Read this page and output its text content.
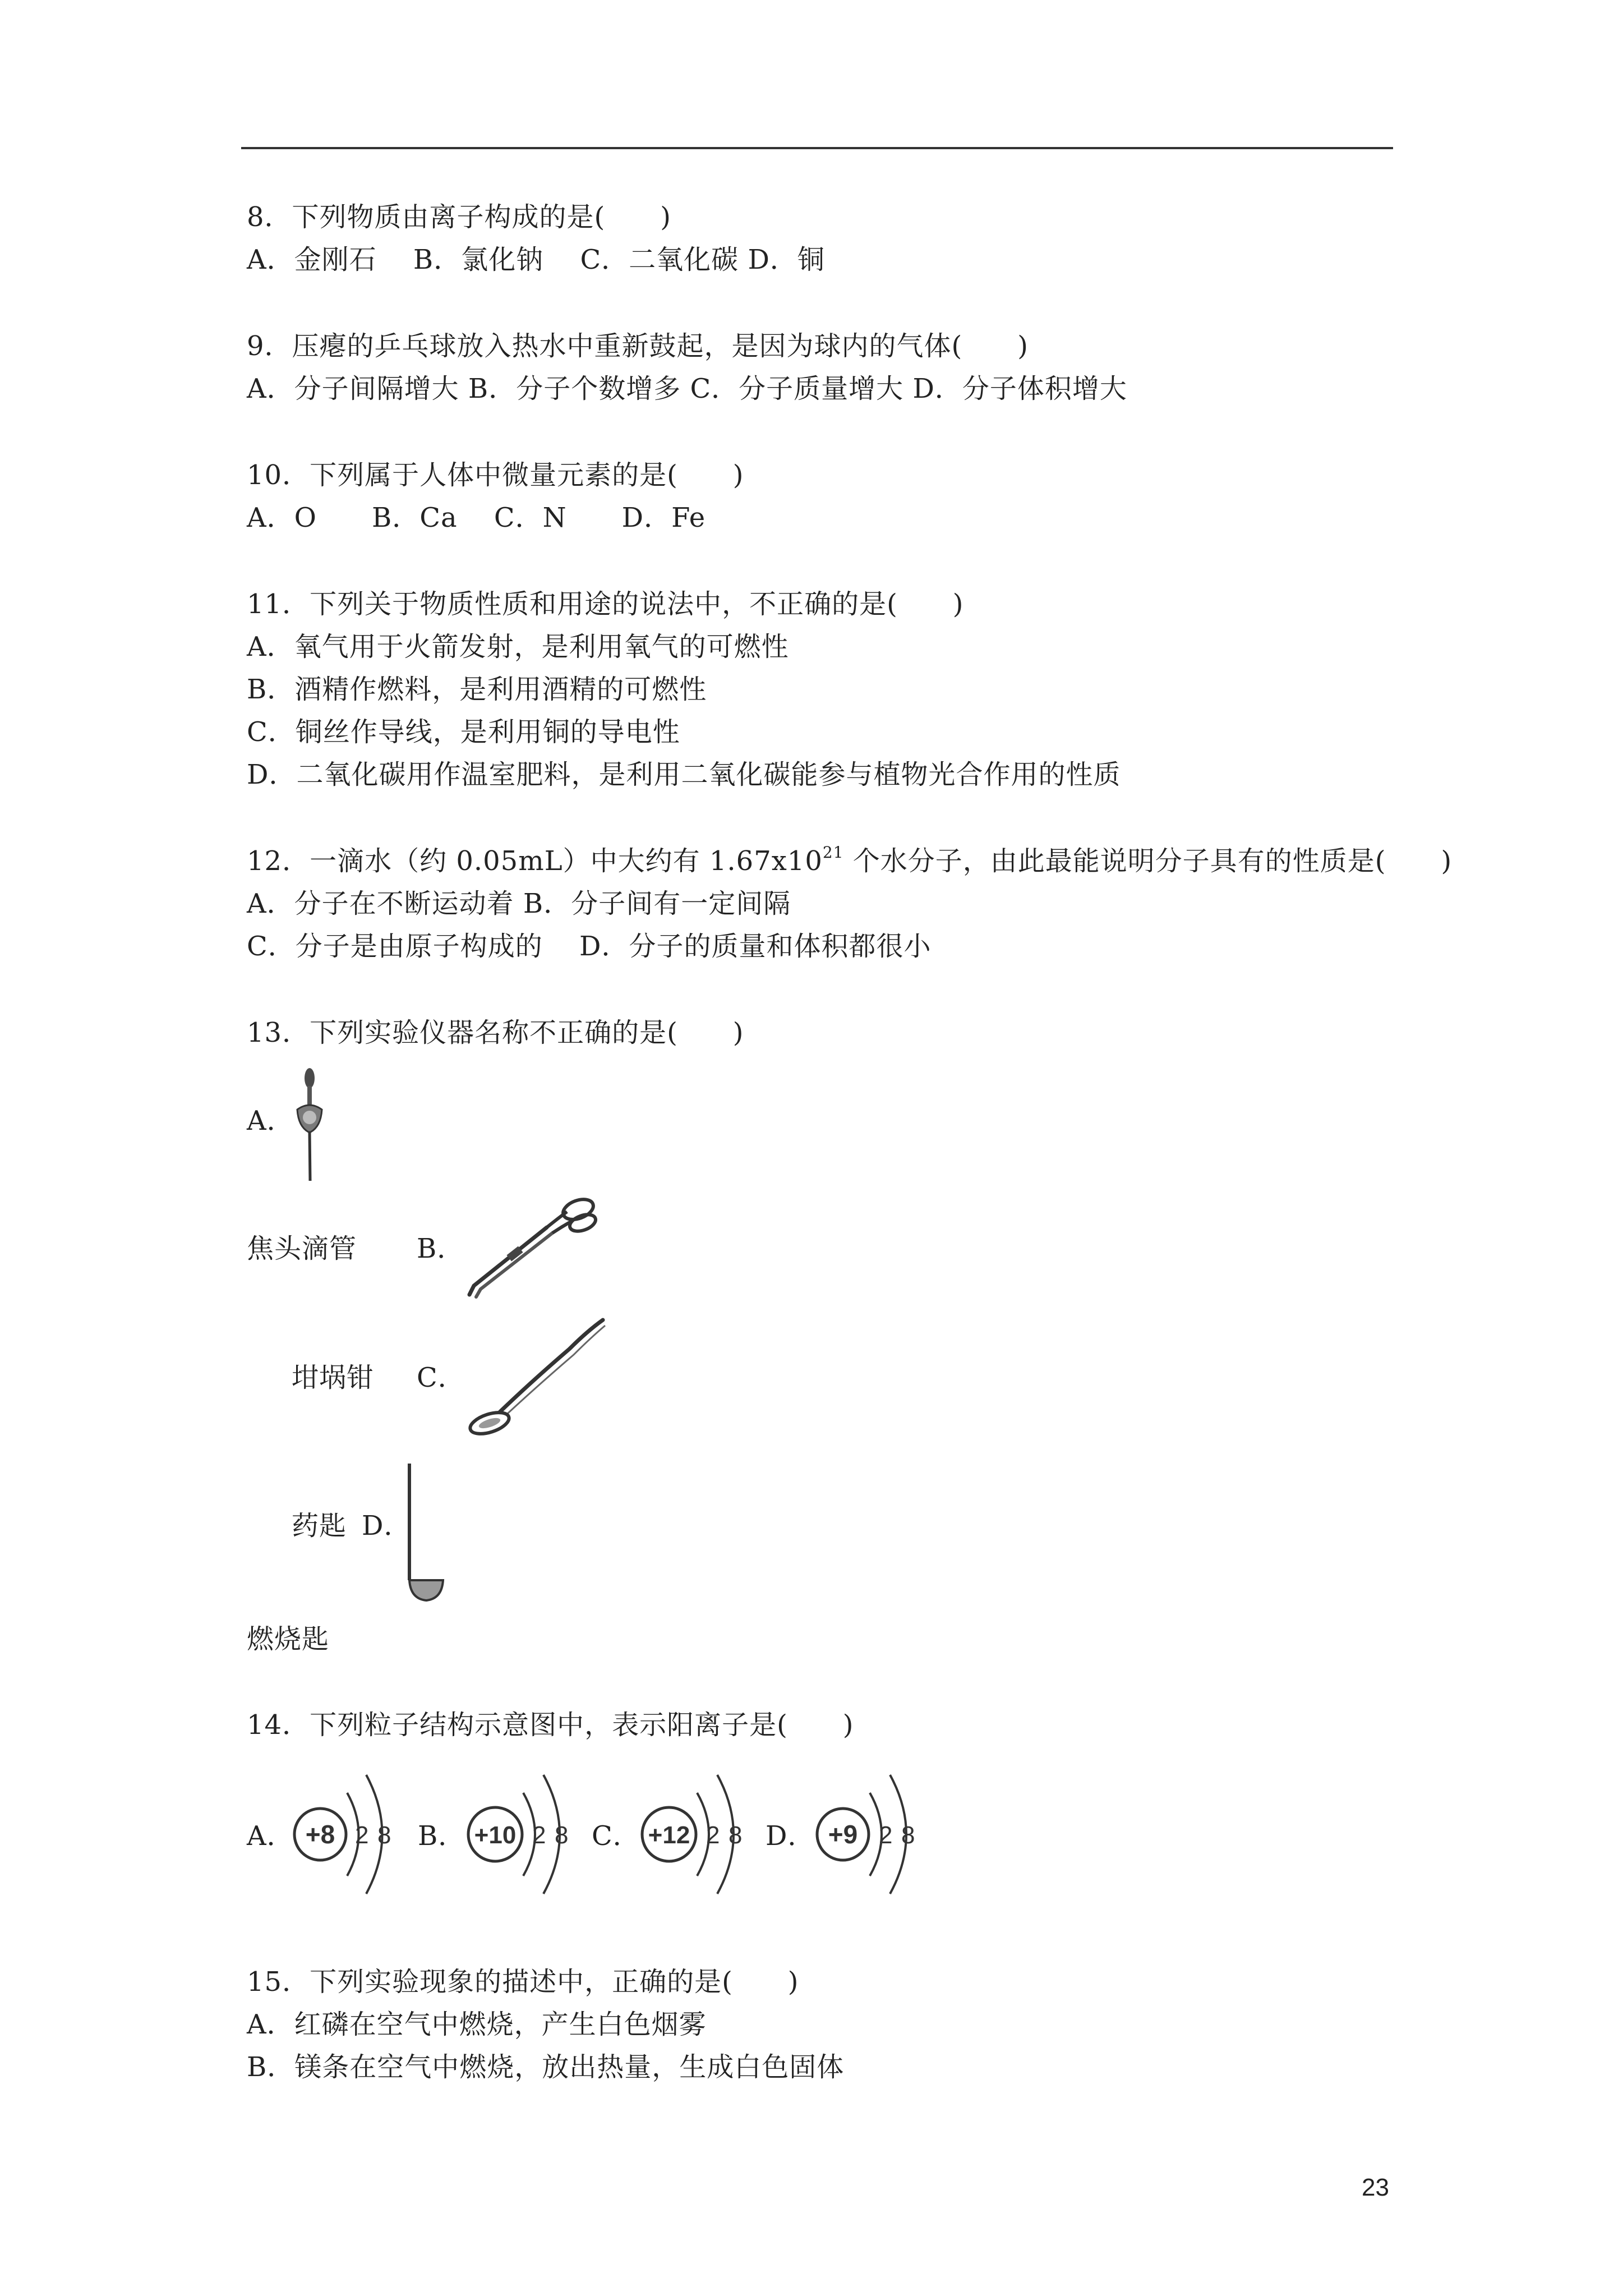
8．下列物质由离子构成的是(　　)
A．金刚石　 B．氯化钠　 C．二氧化碳 D．铜
9．压瘪的乒乓球放入热水中重新鼓起，是因为球内的气体(　　)
A．分子间隔增大 B．分子个数增多 C．分子质量增大 D．分子体积增大
10．下列属于人体中微量元素的是(　　)
A．O　　B．Ca　 C．N　　D．Fe
11．下列关于物质性质和用途的说法中，不正确的是(　　)
A．氧气用于火箭发射，是利用氧气的可燃性
B．酒精作燃料，是利用酒精的可燃性
C．铜丝作导线，是利用铜的导电性
D．二氧化碳用作温室肥料，是利用二氧化碳能参与植物光合作用的性质
12．一滴水（约 0.05mL）中大约有 $1.67x10^{21}$ 个水分子，由此最能说明分子具有的性质是(　　)
A．分子在不断运动着 B．分子间有一定间隔
C．分子是由原子构成的　 D．分子的质量和体积都很小
13．下列实验仪器名称不正确的是(　　)
A．
焦头滴管 B．
坩埚钳 C．
药匙 D．
燃烧匙
14．下列粒子结构示意图中，表示阳离子是(　　)
A． +8 2 8 B． +10 2 8 C． +12 2 8 D． +9 2 8
15．下列实验现象的描述中，正确的是(　　)
A．红磷在空气中燃烧，产生白色烟雾
B．镁条在空气中燃烧，放出热量，生成白色固体
23
